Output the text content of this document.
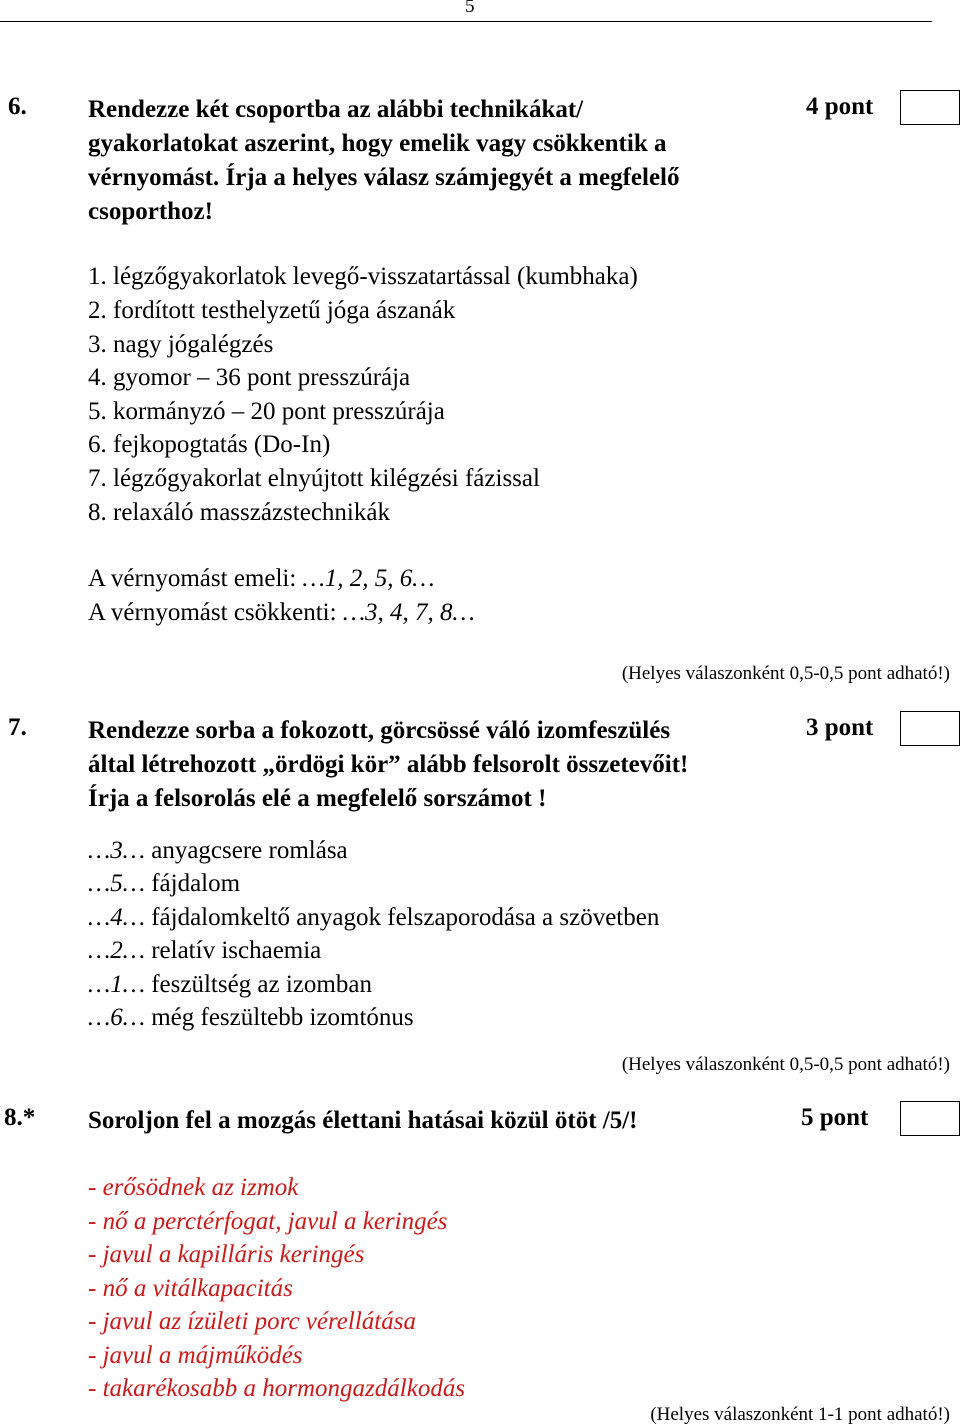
5
6. Rendezze két csoportba az alábbi technikákat/
gyakorlatokat aszerint, hogy emelik vagy csökkentik a
vérnyomást. Írja a helyes válasz számjegyét a megfelelő
csoporthoz!
4 pont
1. légzőgyakorlatok levegő-visszatartással (kumbhaka)
2. fordított testhelyzetű jóga ászanák
3. nagy jógalégzés
4. gyomor – 36 pont presszúrája
5. kormányzó – 20 pont presszúrája
6. fejkopogtatás (Do-In)
7. légzőgyakorlat elnyújtott kilégzési fázissal
8. relaxáló masszázstechnikák
A vérnyomást emeli: …1, 2, 5, 6…
A vérnyomást csökkenti: …3, 4, 7, 8…
(Helyes válaszonként 0,5-0,5 pont adható!)
7. Rendezze sorba a fokozott, görcsössé váló izomfeszülés
által létrehozott „ördögi kör” alább felsorolt összetevőit!
Írja a felsorolás elé a megfelelő sorszámot !
3 pont
…3… anyagcsere romlása
…5… fájdalom
…4… fájdalomkeltő anyagok felszaporodása a szövetben
…2… relatív ischaemia
…1… feszültség az izomban
…6… még feszültebb izomtónus
(Helyes válaszonként 0,5-0,5 pont adható!)
8.* Soroljon fel a mozgás élettani hatásai közül ötöt /5/!	5 pont
- erősödnek az izmok
- nő a perctérfogat, javul a keringés
- javul a kapilláris keringés
- nő a vitálkapacitás
- javul az ízületi porc vérellátása
- javul a májműködés
- takarékosabb a hormongazdálkodás
(Helyes válaszonként 1-1 pont adható!)
